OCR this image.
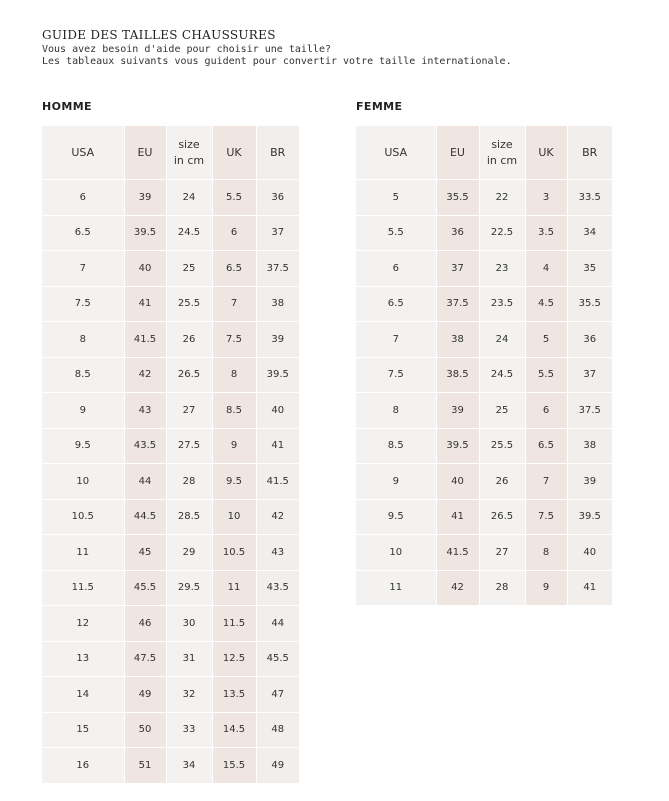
GUIDE DES TAILLES CHAUSSURES
Vous avez besoin d'aide pour choisir une taille?
Les tableaux suivants vous guident pour convertir votre taille internationale.
HOMME	FEMME
USA	EU	size in cm	UK	BR
6	39	24	5.5	36
6.5	39.5	24.5	6	37
7	40	25	6.5	37.5
7.5	41	25.5	7	38
8	41.5	26	7.5	39
8.5	42	26.5	8	39.5
9	43	27	8.5	40
9.5	43.5	27.5	9	41
10	44	28	9.5	41.5
10.5	44.5	28.5	10	42
11	45	29	10.5	43
11.5	45.5	29.5	11	43.5
12	46	30	11.5	44
13	47.5	31	12.5	45.5
14	49	32	13.5	47
15	50	33	14.5	48
16	51	34	15.5	49
USA	EU	size in cm	UK	BR
5	35.5	22	3	33.5
5.5	36	22.5	3.5	34
6	37	23	4	35
6.5	37.5	23.5	4.5	35.5
7	38	24	5	36
7.5	38.5	24.5	5.5	37
8	39	25	6	37.5
8.5	39.5	25.5	6.5	38
9	40	26	7	39
9.5	41	26.5	7.5	39.5
10	41.5	27	8	40
11	42	28	9	41
